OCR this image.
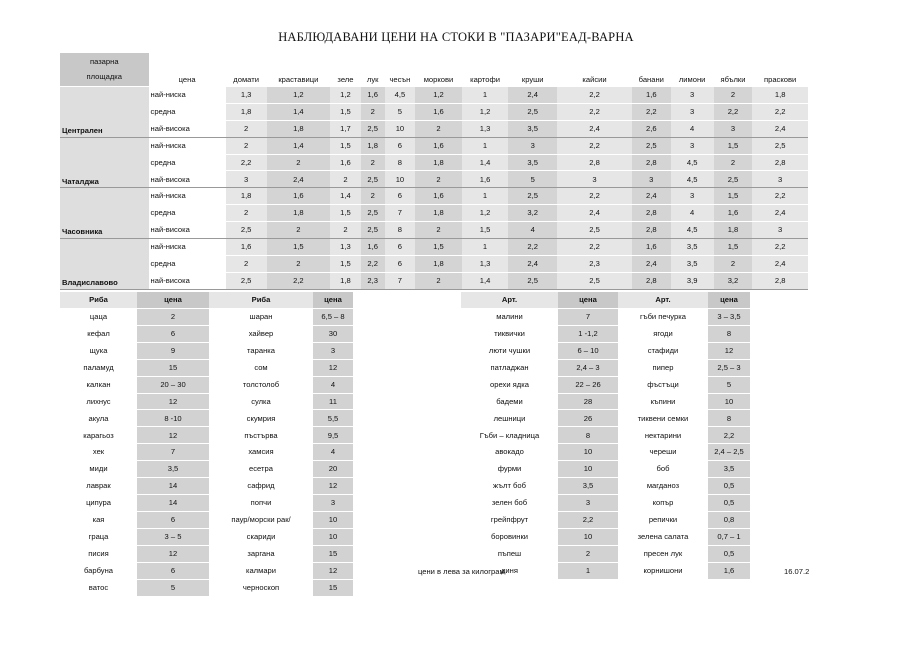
НАБЛЮДАВАНИ ЦЕНИ НА СТОКИ В "ПАЗАРИ"ЕАД-ВАРНА
пазарна
площадка	цена	домати	краставици	зеле	лук	чесън	моркови	картофи	круши	кайсии	банани	лимони	ябълки	праскови
Централен	най-ниска	1,3	1,2	1,2	1,6	4,5	1,2	1	2,4	2,2	1,6	3	2	1,8
	средна	1,8	1,4	1,5	2	5	1,6	1,2	2,5	2,2	2,2	3	2,2	2,2
	най-висока	2	1,8	1,7	2,5	10	2	1,3	3,5	2,4	2,6	4	3	2,4
Чаталджа	най-ниска	2	1,4	1,5	1,8	6	1,6	1	3	2,2	2,5	3	1,5	2,5
	средна	2,2	2	1,6	2	8	1,8	1,4	3,5	2,8	2,8	4,5	2	2,8
	най-висока	3	2,4	2	2,5	10	2	1,6	5	3	3	4,5	2,5	3
Часовника	най-ниска	1,8	1,6	1,4	2	6	1,6	1	2,5	2,2	2,4	3	1,5	2,2
	средна	2	1,8	1,5	2,5	7	1,8	1,2	3,2	2,4	2,8	4	1,6	2,4
	най-висока	2,5	2	2	2,5	8	2	1,5	4	2,5	2,8	4,5	1,8	3
Владиславово	най-ниска	1,6	1,5	1,3	1,6	6	1,5	1	2,2	2,2	1,6	3,5	1,5	2,2
	средна	2	2	1,5	2,2	6	1,8	1,3	2,4	2,3	2,4	3,5	2	2,4
	най-висока	2,5	2,2	1,8	2,3	7	2	1,4	2,5	2,5	2,8	3,9	3,2	2,8
Риба	цена	Риба	цена
цаца	2	шаран	6,5 – 8
кефал	6	хайвер	30
щука	9	таранка	3
паламуд	15	сом	12
калкан	20 – 30	толстолоб	4
лихнус	12	сулка	11
акула	8 -10	скумрия	5,5
карагьоз	12	пъстърва	9,5
хек	7	хамсия	4
миди	3,5	есетра	20
лаврак	14	сафрид	12
ципура	14	попчи	3
кая	6	паур/морски рак/	10
граца	3 – 5	скариди	10
писия	12	заргана	15
барбуна	6	калмари	12
ватос	5	черноскоп	15
Арт.	цена	Арт.	цена
малини	7	гъби печурка	3 – 3,5
тиквички	1 -1,2	ягоди	8
люти чушки	6 – 10	стафиди	12
патладжан	2,4 – 3	пипер	2,5 – 3
орехи ядка	22 – 26	фъстъци	5
бадеми	28	къпини	10
лешници	26	тиквени семки	8
Гъби – кладница	8	нектарини	2,2
авокадо	10	череши	2,4 – 2,5
фурми	10	боб	3,5
жълт боб	3,5	магданоз	0,5
зелен боб	3	копър	0,5
грейпфрут	2,2	репички	0,8
боровинки	10	зелена салата	0,7 – 1
пъпеш	2	пресен лук	0,5
диня	1	корнишони	1,6
цени в лева за килограм	16.07.2
